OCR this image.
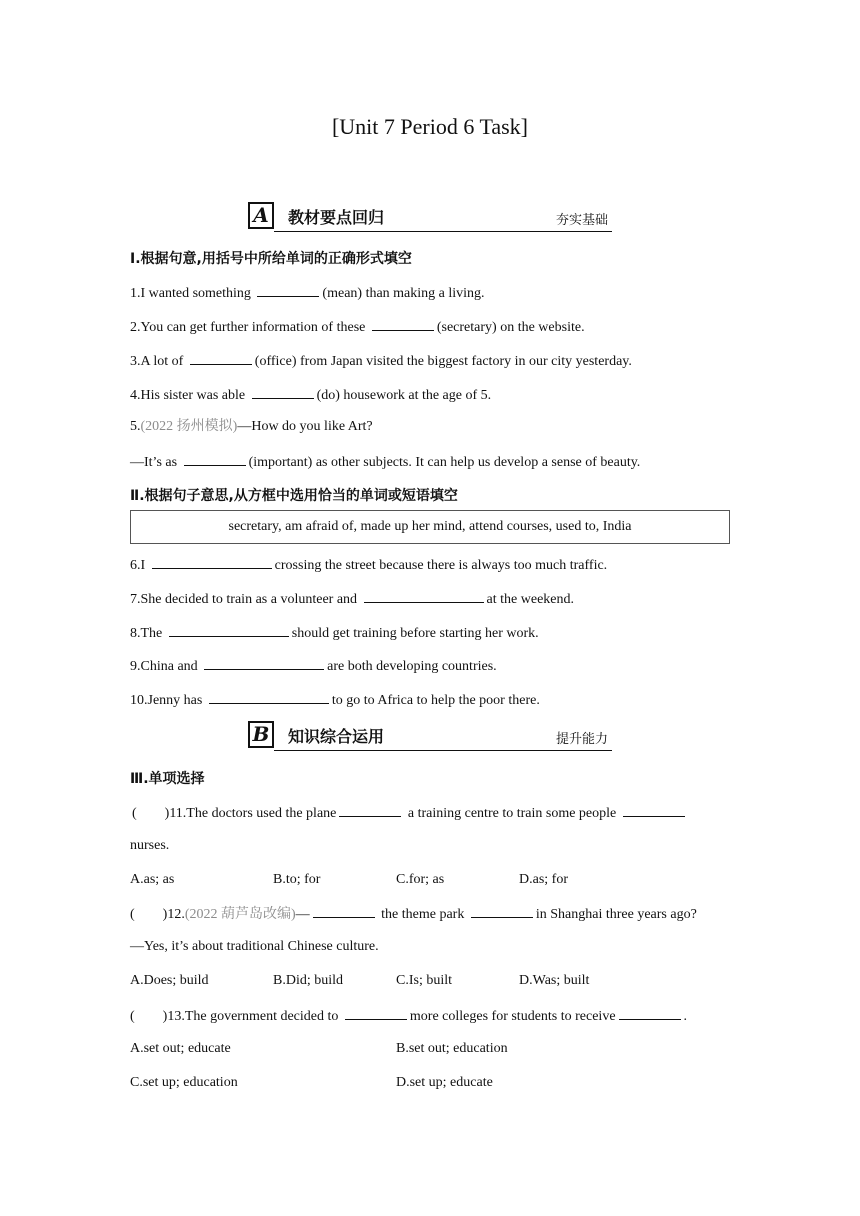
[Unit 7 Period 6 Task]
A	教材要点回归	夯实基础
Ⅰ.根据句意,用括号中所给单词的正确形式填空
1.I wanted something	(mean) than making a living.
2.You can get further information of these	(secretary) on the website.
3.A lot of	(office) from Japan visited the biggest factory in our city yesterday.
4.His sister was able	(do) housework at the age of 5.
5.(2022 扬州模拟)—How do you like Art?
—It’s as	(important) as other subjects. It can help us develop a sense of beauty.
Ⅱ.根据句子意思,从方框中选用恰当的单词或短语填空
secretary, am afraid of, made up her mind, attend courses, used to, India
6.I	crossing the street because there is always too much traffic.
7.She decided to train as a volunteer and	at the weekend.
8.The	should get training before starting her work.
9.China and	are both developing countries.
10.Jenny has	to go to Africa to help the poor there.
B 知识综合运用	提升能力
Ⅲ.单项选择
(　　)11.The doctors used the plane	a training centre to train some people
nurses.
A.as; as	B.to; for	C.for; as	D.as; for
(　　)12.(2022 葫芦岛改编)—	the theme park	in Shanghai three years ago?
—Yes, it’s about traditional Chinese culture.
A.Does; build	B.Did; build	C.Is; built	D.Was; built
(　　)13.The government decided to	more colleges for students to receive	.
A.set out; educate	B.set out; education
C.set up; education	D.set up; educate
